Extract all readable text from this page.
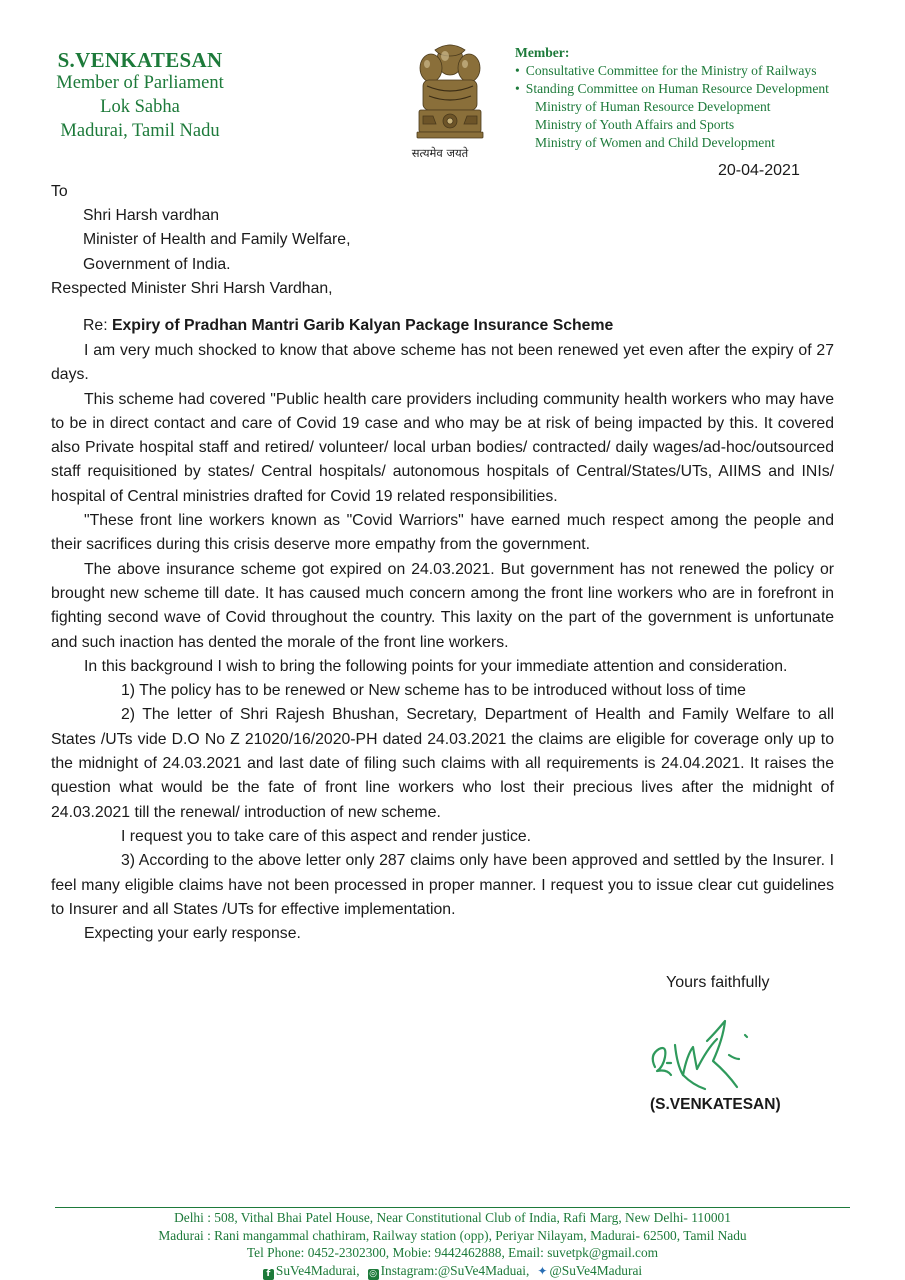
S.VENKATESAN
Member of Parliament
Lok Sabha
Madurai, Tamil Nadu
सत्यमेव जयते
Member:
• Consultative Committee for the Ministry of Railways
• Standing Committee on Human Resource Development
Ministry of Human Resource Development
Ministry of Youth Affairs and Sports
Ministry of Women and Child Development
20-04-2021
To
Shri Harsh vardhan
Minister of Health and Family Welfare,
Government of India.
Respected Minister Shri Harsh Vardhan,
Re: Expiry of Pradhan Mantri Garib Kalyan Package Insurance Scheme

I am very much shocked to know that above scheme has not been renewed yet even after the expiry of 27 days.

This scheme had covered "Public health care providers including community health workers who may have to be in direct contact and care of Covid 19 case and who may be at risk of being impacted by this. It covered also Private hospital staff and retired/ volunteer/ local urban bodies/ contracted/ daily wages/ad-hoc/outsourced staff requisitioned by states/ Central hospitals/ autonomous hospitals of Central/States/UTs, AIIMS and INIs/ hospital of Central ministries drafted for Covid 19 related responsibilities.

"These front line workers known as "Covid Warriors" have earned much respect among the people and their sacrifices during this crisis deserve more empathy from the government.

The above insurance scheme got expired on 24.03.2021. But government has not renewed the policy or brought new scheme till date. It has caused much concern among the front line workers who are in forefront in fighting second wave of Covid throughout the country. This laxity on the part of the government is unfortunate and such inaction has dented the morale of the front line workers.

In this background I wish to bring the following points for your immediate attention and consideration.

1) The policy has to be renewed or New scheme has to be introduced without loss of time

2) The letter of Shri Rajesh Bhushan, Secretary, Department of Health and Family Welfare to all States /UTs vide D.O No Z 21020/16/2020-PH dated 24.03.2021 the claims are eligible for coverage only up to the midnight of 24.03.2021 and last date of filing such claims with all requirements is 24.04.2021. It raises the question what would be the fate of front line workers who lost their precious lives after the midnight of 24.03.2021 till the renewal/ introduction of new scheme.

I request you to take care of this aspect and render justice.

3) According to the above letter only 287 claims only have been approved and settled by the Insurer. I feel many eligible claims have not been processed in proper manner. I request you to issue clear cut guidelines to Insurer and all States /UTs for effective implementation.

Expecting your early response.

Yours faithfully
(S.VENKATESAN)
Delhi : 508, Vithal Bhai Patel House, Near Constitutional Club of India, Rafi Marg, New Delhi- 110001
Madurai : Rani mangammal chathiram, Railway station (opp), Periyar Nilayam, Madurai- 62500, Tamil Nadu
Tel Phone: 0452-2302300, Mobie: 9442462888, Email: suvetpk@gmail.com
f SuVe4Madurai, ◎ Instagram:@SuVe4Maduai, ✦ @SuVe4Madurai
